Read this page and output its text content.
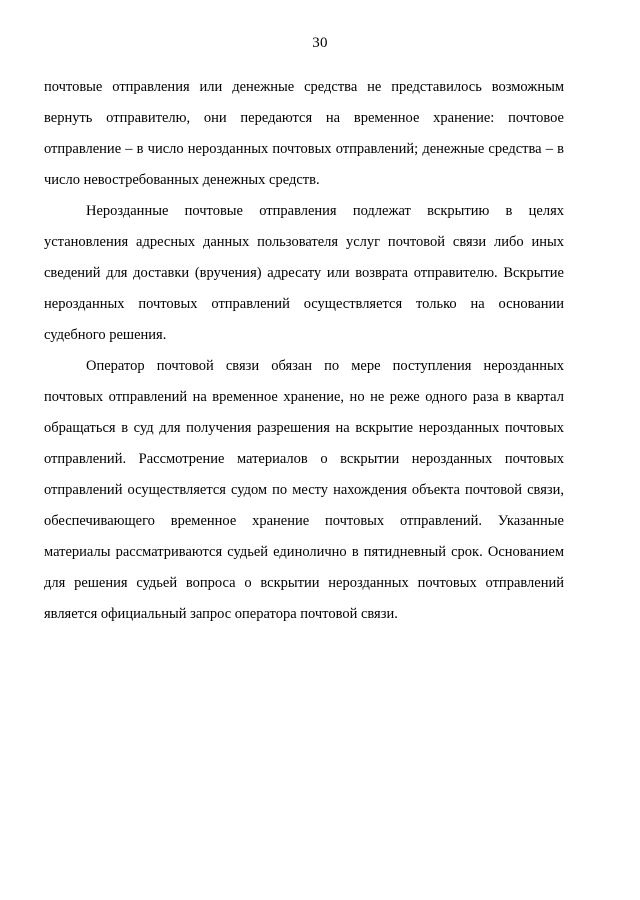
30

почтовые отправления или денежные средства не представилось возможным вернуть отправителю, они передаются на временное хранение: почтовое отправление – в число нерозданных почтовых отправлений; денежные средства – в число невостребованных денежных средств.

Нерозданные почтовые отправления подлежат вскрытию в целях установления адресных данных пользователя услуг почтовой связи либо иных сведений для доставки (вручения) адресату или возврата отправителю. Вскрытие нерозданных почтовых отправлений осуществляется только на основании судебного решения.

Оператор почтовой связи обязан по мере поступления нерозданных почтовых отправлений на временное хранение, но не реже одного раза в квартал обращаться в суд для получения разрешения на вскрытие нерозданных почтовых отправлений. Рассмотрение материалов о вскрытии нерозданных почтовых отправлений осуществляется судом по месту нахождения объекта почтовой связи, обеспечивающего временное хранение почтовых отправлений. Указанные материалы рассматриваются судьей единолично в пятидневный срок. Основанием для решения судьей вопроса о вскрытии нерозданных почтовых отправлений является официальный запрос оператора почтовой связи.
